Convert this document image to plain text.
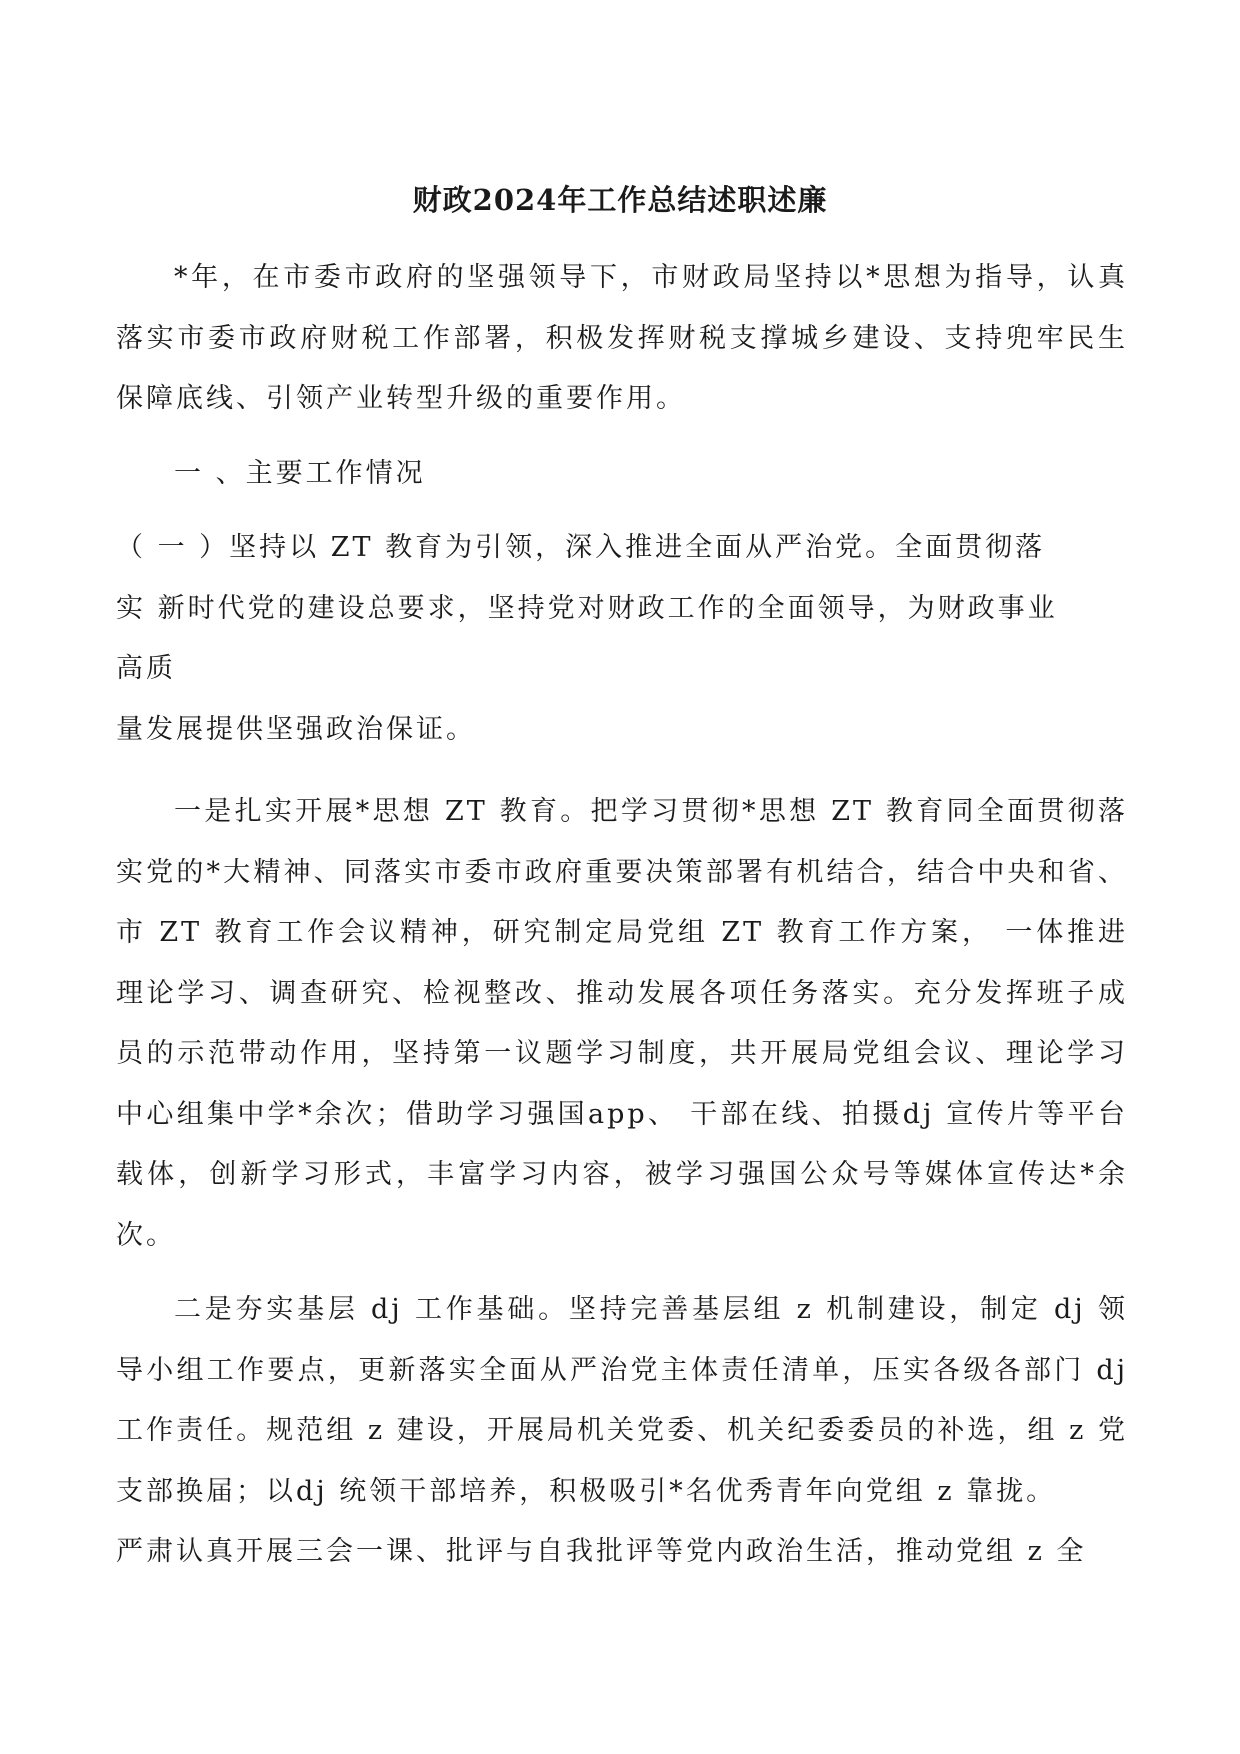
财政2024年工作总结述职述廉

*年，在市委市政府的坚强领导下，市财政局坚持以*思想为指导，认真落实市委市政府财税工作部署，积极发挥财税支撑城乡建设、支持兜牢民生保障底线、引领产业转型升级的重要作用。

一 、主要工作情况

（ 一 ）坚持以 ZT 教育为引领，深入推进全面从严治党。全面贯彻落
实 新时代党的建设总要求，坚持党对财政工作的全面领导，为财政事业
高质
量发展提供坚强政治保证。

一是扎实开展*思想 ZT 教育。把学习贯彻*思想 ZT 教育同全面贯彻落实党的*大精神、同落实市委市政府重要决策部署有机结合，结合中央和省、市 ZT 教育工作会议精神，研究制定局党组 ZT 教育工作方案， 一体推进理论学习、调查研究、检视整改、推动发展各项任务落实。充分发挥班子成员的示范带动作用，坚持第一议题学习制度，共开展局党组会议、理论学习中心组集中学*余次；借助学习强国app、 干部在线、拍摄dj 宣传片等平台载体，创新学习形式，丰富学习内容，被学习强国公众号等媒体宣传达*余次。

二是夯实基层 dj 工作基础。坚持完善基层组 z 机制建设，制定 dj 领导小组工作要点，更新落实全面从严治党主体责任清单，压实各级各部门 dj 工作责任。规范组 z 建设，开展局机关党委、机关纪委委员的补选，组 z 党支部换届；以dj 统领干部培养，积极吸引*名优秀青年向党组 z 靠拢。

严肃认真开展三会一课、批评与自我批评等党内政治生活，推动党组 z 全
